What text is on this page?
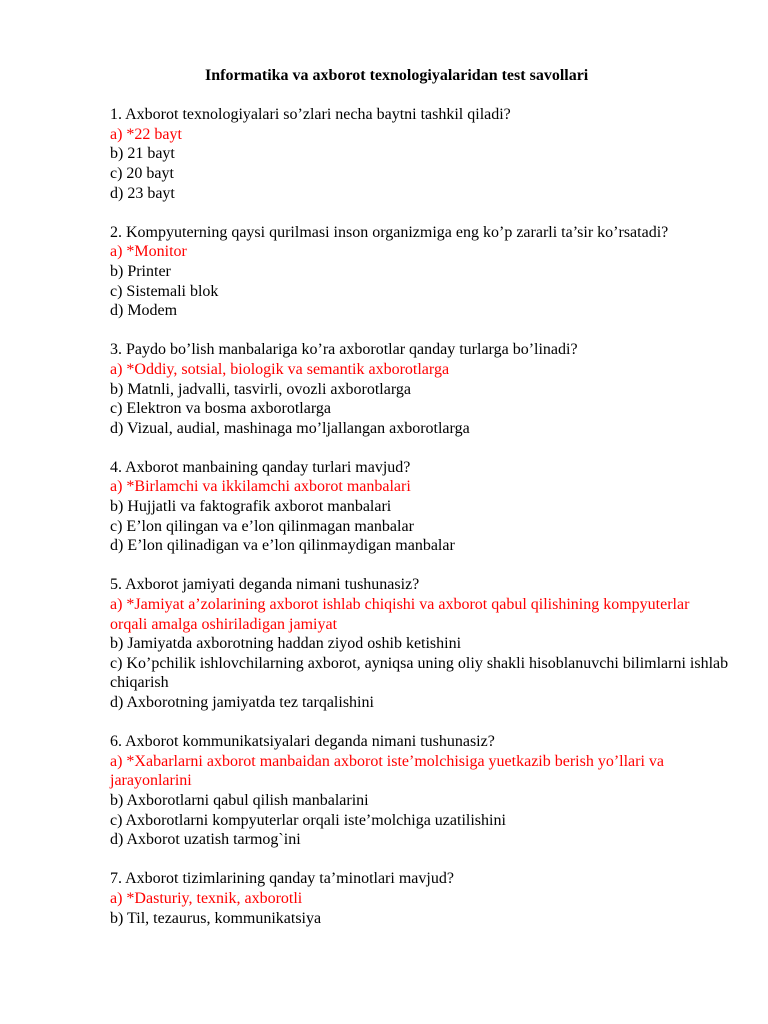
Informatika va axborot texnologiyalaridan test savollari
1. Axborot texnologiyalari so’zlari necha baytni tashkil qiladi?
a) *22 bayt
b) 21 bayt
c) 20 bayt
d) 23 bayt
2. Kompyuterning qaysi qurilmasi inson organizmiga eng ko’p zararli ta’sir ko’rsatadi?
a) *Monitor
b) Printer
c) Sistemali blok
d) Modem
3. Paydo bo’lish manbalariga ko’ra axborotlar qanday turlarga bo’linadi?
a) *Oddiy, sotsial, biologik va semantik axborotlarga
b) Matnli, jadvalli, tasvirli, ovozli axborotlarga
c) Elektron va bosma axborotlarga
d) Vizual, audial, mashinaga mo’ljallangan axborotlarga
4. Axborot manbaining qanday turlari mavjud?
a) *Birlamchi va ikkilamchi axborot manbalari
b) Hujjatli va faktografik axborot manbalari
c) E’lon qilingan va e’lon qilinmagan manbalar
d) E’lon qilinadigan va e’lon qilinmaydigan manbalar
5. Axborot jamiyati deganda nimani tushunasiz?
a) *Jamiyat a’zolarining axborot ishlab chiqishi va axborot qabul qilishining kompyuterlar orqali amalga oshiriladigan jamiyat
b) Jamiyatda axborotning haddan ziyod oshib ketishini
c) Ko’pchilik ishlovchilarning axborot, ayniqsa uning oliy shakli hisoblanuvchi bilimlarni ishlab chiqarish
d) Axborotning jamiyatda tez tarqalishini
6. Axborot kommunikatsiyalari deganda nimani tushunasiz?
a) *Xabarlarni axborot manbaidan axborot iste’molchisiga yuetkazib berish yo’llari va jarayonlarini
b) Axborotlarni qabul qilish manbalarini
c) Axborotlarni kompyuterlar orqali iste’molchiga uzatilishini
d) Axborot uzatish tarmog`ini
7. Axborot tizimlarining qanday ta’minotlari mavjud?
a) *Dasturiy, texnik, axborotli
b) Til, tezaurus, kommunikatsiya
